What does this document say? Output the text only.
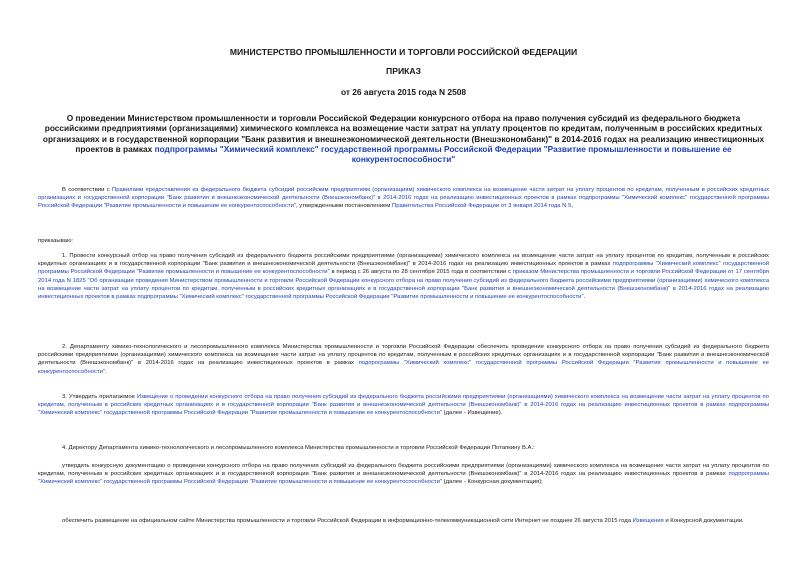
МИНИСТЕРСТВО ПРОМЫШЛЕННОСТИ И ТОРГОВЛИ РОССИЙСКОЙ ФЕДЕРАЦИИ
ПРИКАЗ
от 26 августа 2015 года N 2508
О проведении Министерством промышленности и торговли Российской Федерации конкурсного отбора на право получения субсидий из федерального бюджета российскими предприятиями (организациями) химического комплекса на возмещение части затрат на уплату процентов по кредитам, полученным в российских кредитных организациях и в государственной корпорации "Банк развития и внешнеэкономической деятельности (Внешэкономбанк)" в 2014-2016 годах на реализацию инвестиционных проектов в рамках подпрограммы "Химический комплекс" государственной программы Российской Федерации "Развитие промышленности и повышение ее конкурентоспособности"
В соответствии с Правилами предоставления из федерального бюджета субсидий российским предприятиям (организациям) химического комплекса на возмещение части затрат на уплату процентов по кредитам, полученным в российских кредитных организациях и государственной корпорации "Банк развития и внешнеэкономической деятельности (Внешэкономбанк)" в 2014-2016 годах на реализацию инвестиционных проектов в рамках подпрограммы "Химический комплекс" государственной программы Российской Федерации "Развитие промышленности и повышение ее конкурентоспособности", утвержденными постановлением Правительства Российской Федерации от 3 января 2014 года N 5,
приказываю:
1. Провести конкурсный отбор на право получения субсидий из федерального бюджета российскими предприятиями (организациями) химического комплекса на возмещение части затрат на уплату процентов по кредитам, полученным в российских кредитных организациях и в государственной корпорации "Банк развития и внешнеэкономической деятельности (Внешэкономбанк)" в 2014-2016 годах на реализацию инвестиционных проектов в рамках подпрограммы "Химический комплекс" государственной программы Российской Федерации "Развитие промышленности и повышение ее конкурентоспособности" в период с 26 августа по 28 сентября 2015 года в соответствии с приказом Министерства промышленности и торговли Российской Федерации от 17 сентября 2014 года N 1825 "Об организации проведения Министерством промышленности и торговли Российской Федерации конкурсного отбора на право получения субсидий из федерального бюджета российскими предприятиями (организациями) химического комплекса на возмещение части затрат на уплату процентов по кредитам, полученным в российских кредитных организациях и в государственной корпорации "Банк развития и внешнеэкономической деятельности (Внешэкономбанк)" в 2014-2016 годах на реализацию инвестиционных проектов в рамках подпрограммы "Химический комплекс" государственной программы Российской Федерации "Развитие промышленности и повышение ее конкурентоспособности".
2. Департаменту химико-технологического и лесопромышленного комплекса Министерства промышленности и торговли Российской Федерации обеспечить проведение конкурсного отбора на право получения субсидий из федерального бюджета российскими предприятиями (организациями) химического комплекса на возмещение части затрат на уплату процентов по кредитам, полученным в российских кредитных организациях и в государственной корпорации "Банк развития и внешнеэкономической деятельности (Внешэкономбанк)" в 2014-2016 годах на реализацию инвестиционных проектов в рамках подпрограммы "Химический комплекс" государственной программы Российской Федерации "Развитие промышленности и повышение ее конкурентоспособности".
3. Утвердить прилагаемое Извещение о проведении конкурсного отбора на право получения субсидий из федерального бюджета российскими предприятиями (организациями) химического комплекса на возмещение части затрат на уплату процентов по кредитам, полученным в российских кредитных организациях и в государственной корпорации "Банк развития и внешнеэкономической деятельности (Внешэкономбанк)" в 2014-2016 годах на реализацию инвестиционных проектов в рамках подпрограммы "Химический комплекс" государственной программы Российской Федерации "Развитие промышленности и повышение ее конкурентоспособности" (далее - Извещение).
4. Директору Департамента химико-технологического и лесопромышленного комплекса Министерства промышленности и торговли Российской Федерации Потапкину В.А.:
утвердить конкурсную документацию о проведении конкурсного отбора на право получения субсидий из федерального бюджета российскими предприятиями (организациями) химического комплекса на возмещение части затрат на уплату процентов по кредитам, полученным в российских кредитных организациях и в государственной корпорации "Банк развития и внешнеэкономической деятельности (Внешэкономбанк)" в 2014-2016 годах на реализацию инвестиционных проектов в рамках подпрограммы "Химический комплекс" государственной программы Российской Федерации "Развитие промышленности и повышение ее конкурентоспособности" (далее - Конкурсная документация);
обеспечить размещение на официальном сайте Министерства промышленности и торговли Российской Федерации в информационно-телекоммуникационной сети Интернет не позднее 26 августа 2015 года Извещения и Конкурсной документации.
